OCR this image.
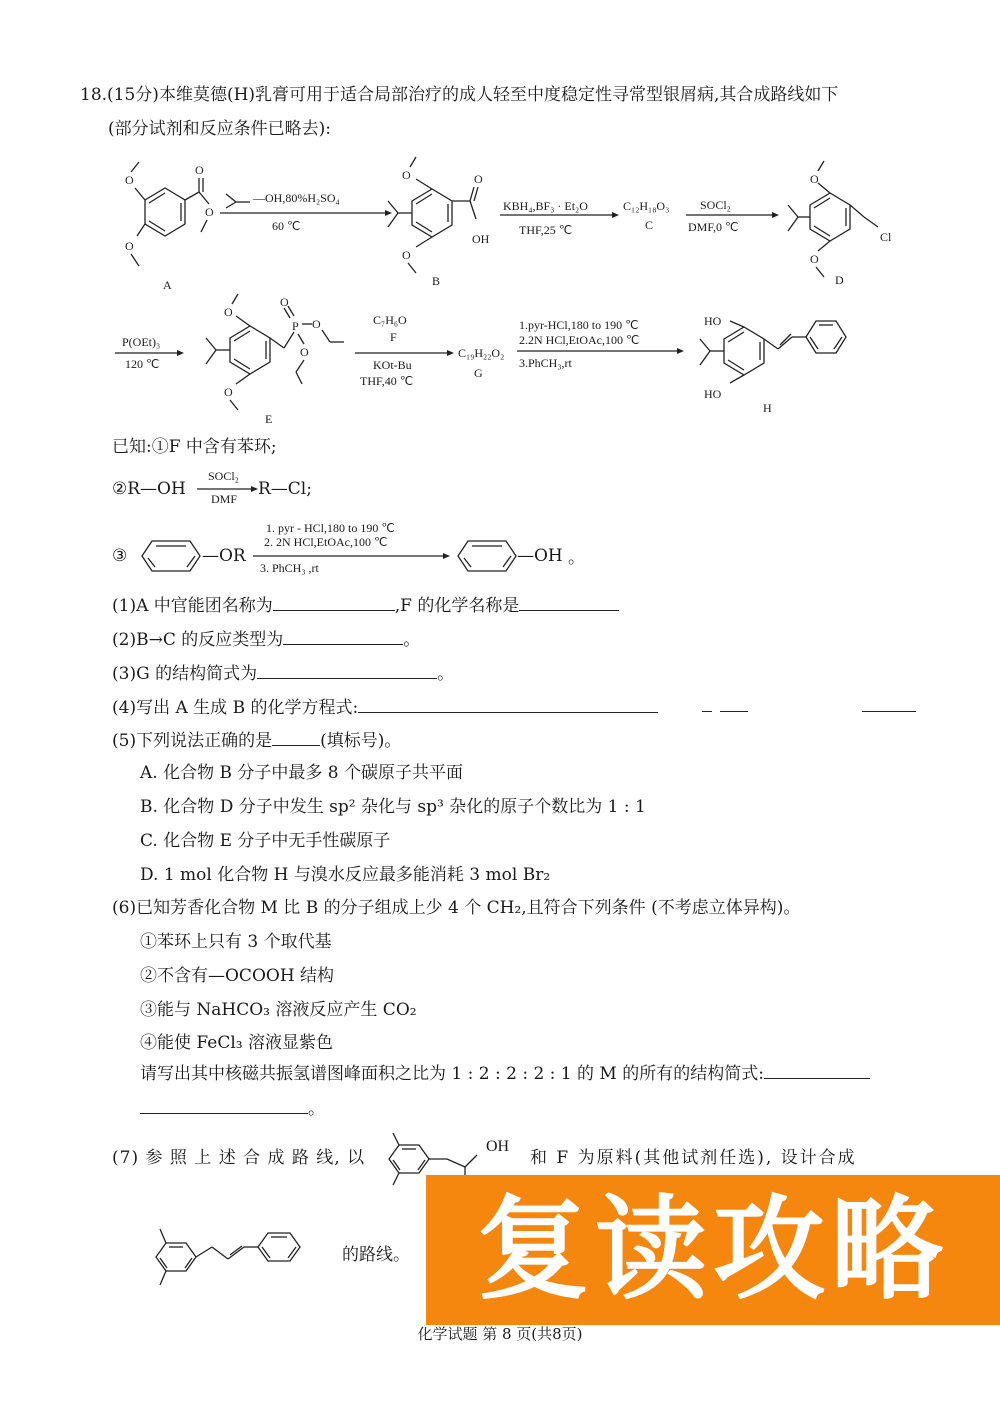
18.(15分)本维莫德(H)乳膏可用于适合局部治疗的成人轻至中度稳定性寻常型银屑病,其合成路线如下
(部分试剂和反应条件已略去):
O
O
O
O
A
—OH,80%H₂SO₄
60 ℃
O
O
O
OH
B
KBH₄,BF₃ · Et₂O
THF,25 ℃
C₁₂H₁₈O₃
C
SOCl₂
DMF,0 ℃
O
O
Cl
D
P(OEt)₃
120 ℃
O
O
P
O
O
O
E
C₇H₆O
F
KOt-Bu
THF,40 ℃
C₁₉H₂₂O₂
G
1.pyr-HCl,180 to 190 ℃
2.2N HCl,EtOAc,100 ℃
3.PhCH₃,rt
HO
HO
H
已知:①F 中含有苯环;
②R—OH
SOCl₂
DMF R—Cl;
③	—OR
1. pyr - HCl,180 to 190 ℃
2. 2N HCl,EtOAc,100 ℃
3. PhCH₃ ,rt
—OH 。
(1)A 中官能团名称为	,F 的化学名称是
(2)B→C 的反应类型为	。
(3)G 的结构简式为	。
(4)写出 A 生成 B 的化学方程式:
(5)下列说法正确的是	(填标号)。
A. 化合物 B 分子中最多 8 个碳原子共平面
B. 化合物 D 分子中发生 sp² 杂化与 sp³ 杂化的原子个数比为 1 : 1
C. 化合物 E 分子中无手性碳原子
D. 1 mol 化合物 H 与溴水反应最多能消耗 3 mol Br₂
(6)已知芳香化合物 M 比 B 的分子组成上少 4 个 CH₂,且符合下列条件 (不考虑立体异构)。
①苯环上只有 3 个取代基
②不含有—OCOOH 结构
③能与 NaHCO₃ 溶液反应产生 CO₂
④能使 FeCl₃ 溶液显紫色
请写出其中核磁共振氢谱图峰面积之比为 1 : 2 : 2 : 2 : 1 的 M 的所有的结构简式:
。
(7) 参 照 上 述 合 成 路 线, 以
OH
和 F 为原料(其他试剂任选), 设计合成
的路线。 复读攻略
化学试题 第 8 页(共8页)
